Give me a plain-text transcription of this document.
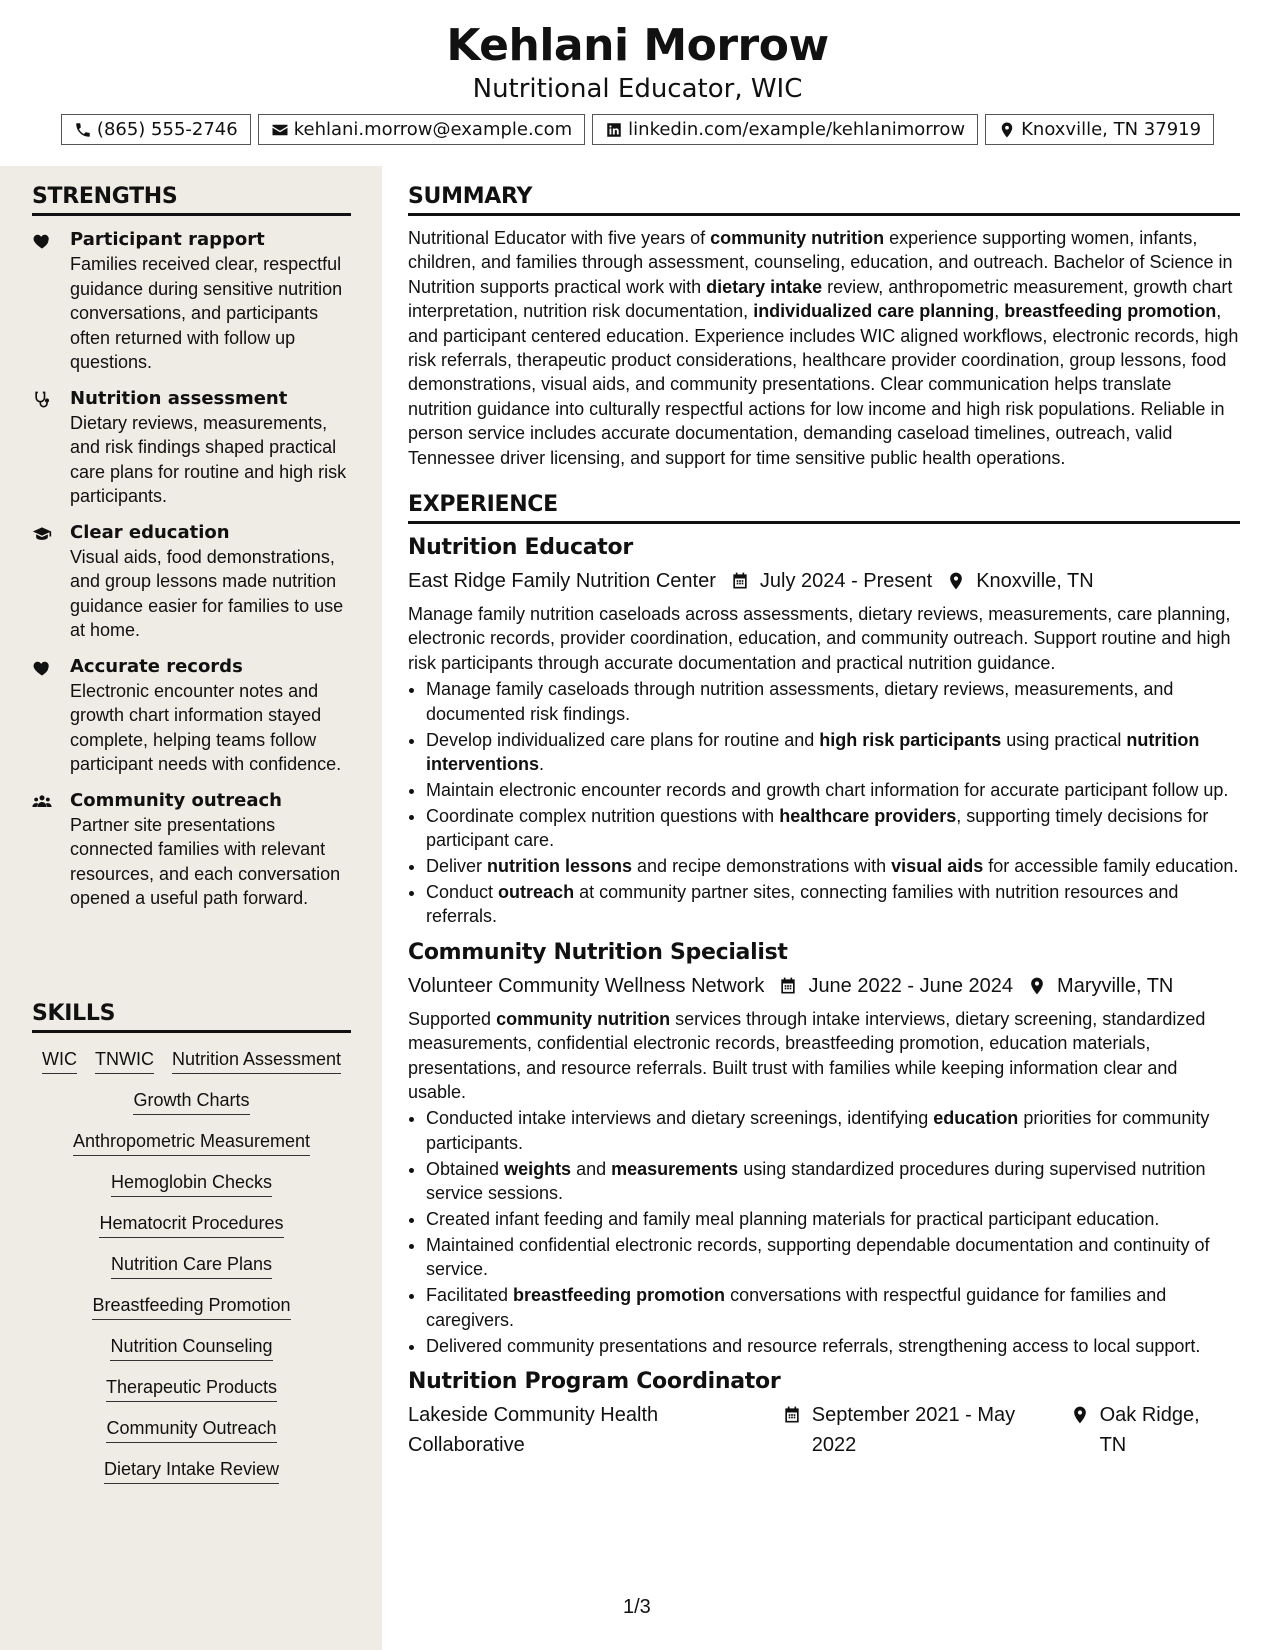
Kehlani Morrow
Nutritional Educator, WIC
(865) 555-2746	kehlani.morrow@example.com	linkedin.com/example/kehlanimorrow	Knoxville, TN 37919
STRENGTHS
Participant rapport
Families received clear, respectful guidance during sensitive nutrition conversations, and participants often returned with follow up questions.
Nutrition assessment
Dietary reviews, measurements, and risk findings shaped practical care plans for routine and high risk participants.
Clear education
Visual aids, food demonstrations, and group lessons made nutrition guidance easier for families to use at home.
Accurate records
Electronic encounter notes and growth chart information stayed complete, helping teams follow participant needs with confidence.
Community outreach
Partner site presentations connected families with relevant resources, and each conversation opened a useful path forward.
SKILLS
WIC TNWIC Nutrition Assessment
Growth Charts
Anthropometric Measurement
Hemoglobin Checks
Hematocrit Procedures
Nutrition Care Plans
Breastfeeding Promotion
Nutrition Counseling
Therapeutic Products
Community Outreach
Dietary Intake Review
SUMMARY
Nutritional Educator with five years of community nutrition experience supporting women, infants, children, and families through assessment, counseling, education, and outreach. Bachelor of Science in Nutrition supports practical work with dietary intake review, anthropometric measurement, growth chart interpretation, nutrition risk documentation, individualized care planning, breastfeeding promotion, and participant centered education. Experience includes WIC aligned workflows, electronic records, high risk referrals, therapeutic product considerations, healthcare provider coordination, group lessons, food demonstrations, visual aids, and community presentations. Clear communication helps translate nutrition guidance into culturally respectful actions for low income and high risk populations. Reliable in person service includes accurate documentation, demanding caseload timelines, outreach, valid Tennessee driver licensing, and support for time sensitive public health operations.
EXPERIENCE
Nutrition Educator
East Ridge Family Nutrition Center July 2024 - Present Knoxville, TN
Manage family nutrition caseloads across assessments, dietary reviews, measurements, care planning, electronic records, provider coordination, education, and community outreach. Support routine and high risk participants through accurate documentation and practical nutrition guidance.
• Manage family caseloads through nutrition assessments, dietary reviews, measurements, and documented risk findings.
• Develop individualized care plans for routine and high risk participants using practical nutrition interventions.
• Maintain electronic encounter records and growth chart information for accurate participant follow up.
• Coordinate complex nutrition questions with healthcare providers, supporting timely decisions for participant care.
• Deliver nutrition lessons and recipe demonstrations with visual aids for accessible family education.
• Conduct outreach at community partner sites, connecting families with nutrition resources and referrals.
Community Nutrition Specialist
Volunteer Community Wellness Network June 2022 - June 2024 Maryville, TN
Supported community nutrition services through intake interviews, dietary screening, standardized measurements, confidential electronic records, breastfeeding promotion, education materials, presentations, and resource referrals. Built trust with families while keeping information clear and usable.
• Conducted intake interviews and dietary screenings, identifying education priorities for community participants.
• Obtained weights and measurements using standardized procedures during supervised nutrition service sessions.
• Created infant feeding and family meal planning materials for practical participant education.
• Maintained confidential electronic records, supporting dependable documentation and continuity of service.
• Facilitated breastfeeding promotion conversations with respectful guidance for families and caregivers.
• Delivered community presentations and resource referrals, strengthening access to local support.
Nutrition Program Coordinator
Lakeside Community Health Collaborative
September 2021 - May 2022
Oak Ridge, TN
1/3
